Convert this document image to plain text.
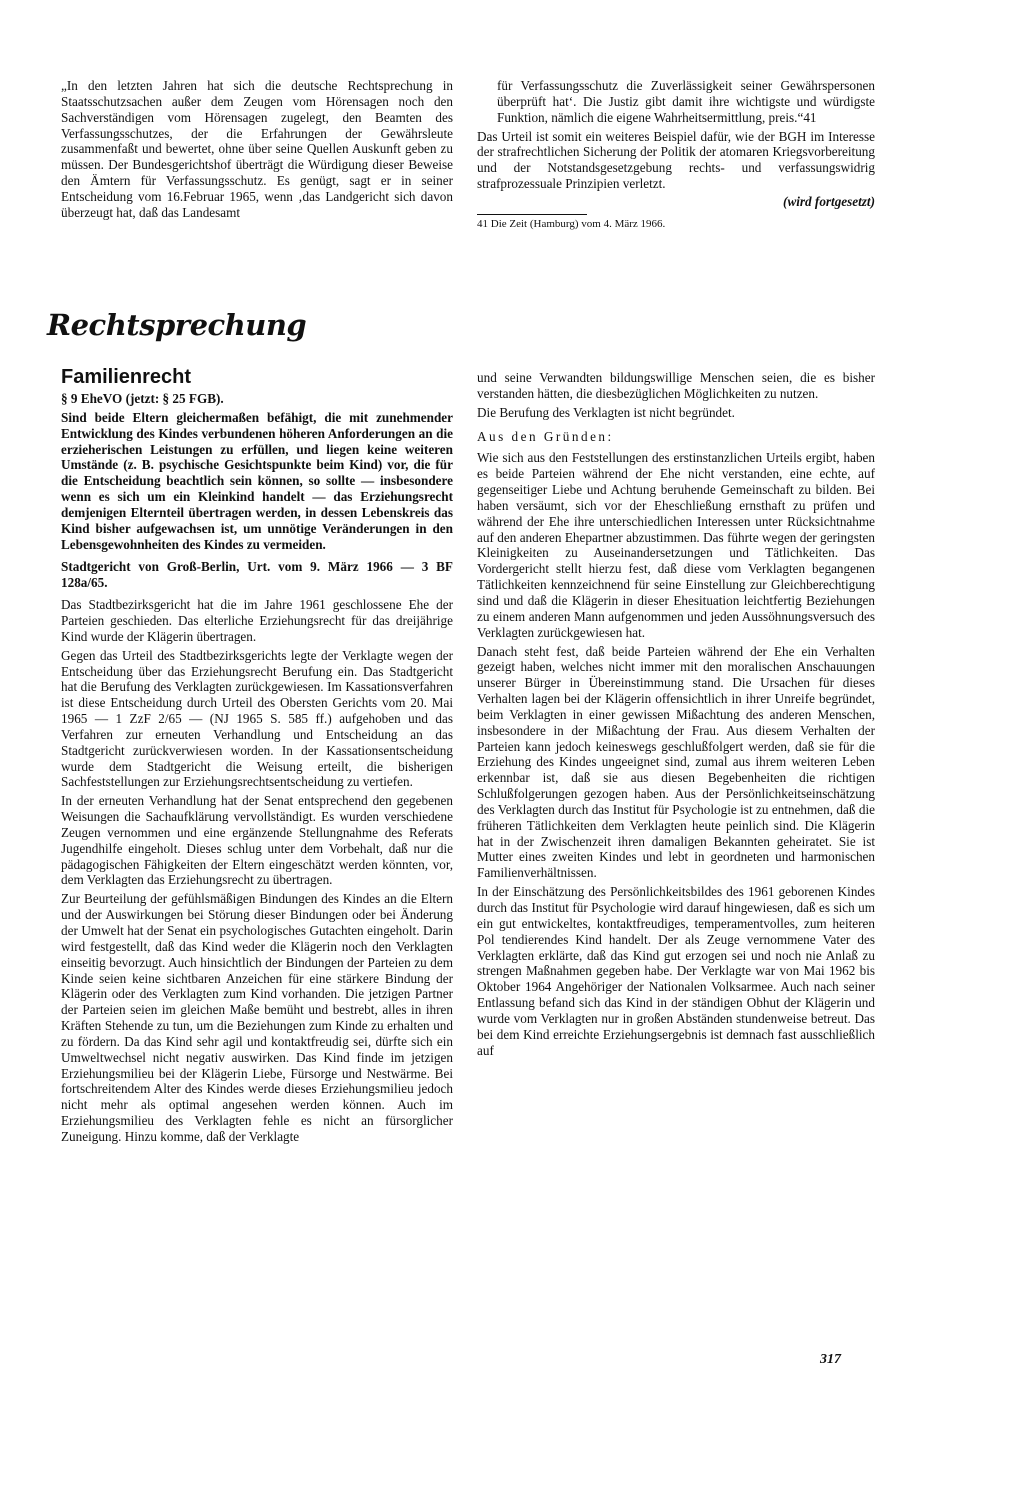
„In den letzten Jahren hat sich die deutsche Rechtsprechung in Staatsschutzsachen außer dem Zeugen vom Hörensagen noch den Sachverständigen vom Hörensagen zugelegt, den Beamten des Verfassungsschutzes, der die Erfahrungen der Gewährsleute zusammenfaßt und bewertet, ohne über seine Quellen Auskunft geben zu müssen. Der Bundesgerichtshof überträgt die Würdigung dieser Beweise den Ämtern für Verfassungsschutz. Es genügt, sagt er in seiner Entscheidung vom 16.Februar 1965, wenn ‚das Landgericht sich davon überzeugt hat, daß das Landesamt

für Verfassungsschutz die Zuverlässigkeit seiner Gewährspersonen überprüft hat‘. Die Justiz gibt damit ihre wichtigste und würdigste Funktion, nämlich die eigene Wahrheitsermittlung, preis.“41

Das Urteil ist somit ein weiteres Beispiel dafür, wie der BGH im Interesse der strafrechtlichen Sicherung der Politik der atomaren Kriegsvorbereitung und der Notstandsgesetzgebung rechts- und verfassungswidrig strafprozessuale Prinzipien verletzt.

(wird fortgesetzt)

41 Die Zeit (Hamburg) vom 4. März 1966.

Rechtsprechung

Familienrecht

§ 9 EheVO (jetzt: § 25 FGB).

Sind beide Eltern gleichermaßen befähigt, die mit zunehmender Entwicklung des Kindes verbundenen höheren Anforderungen an die erzieherischen Leistungen zu erfüllen, und liegen keine weiteren Umstände (z. B. psychische Gesichtspunkte beim Kind) vor, die für die Entscheidung beachtlich sein können, so sollte — insbesondere wenn es sich um ein Kleinkind handelt — das Erziehungsrecht demjenigen Elternteil übertragen werden, in dessen Lebenskreis das Kind bisher aufgewachsen ist, um unnötige Veränderungen in den Lebensgewohnheiten des Kindes zu vermeiden.

Stadtgericht von Groß-Berlin, Urt. vom 9. März 1966 — 3 BF 128a/65.

Das Stadtbezirksgericht hat die im Jahre 1961 geschlossene Ehe der Parteien geschieden. Das elterliche Erziehungsrecht für das dreijährige Kind wurde der Klägerin übertragen.

Gegen das Urteil des Stadtbezirksgerichts legte der Verklagte wegen der Entscheidung über das Erziehungsrecht Berufung ein. Das Stadtgericht hat die Berufung des Verklagten zurückgewiesen. Im Kassationsverfahren ist diese Entscheidung durch Urteil des Obersten Gerichts vom 20. Mai 1965 — 1 ZzF 2/65 — (NJ 1965 S. 585 ff.) aufgehoben und das Verfahren zur erneuten Verhandlung und Entscheidung an das Stadtgericht zurückverwiesen worden. In der Kassationsentscheidung wurde dem Stadtgericht die Weisung erteilt, die bisherigen Sachfeststellungen zur Erziehungsrechtsentscheidung zu vertiefen.

In der erneuten Verhandlung hat der Senat entsprechend den gegebenen Weisungen die Sachaufklärung vervollständigt. Es wurden verschiedene Zeugen vernommen und eine ergänzende Stellungnahme des Referats Jugendhilfe eingeholt. Dieses schlug unter dem Vorbehalt, daß nur die pädagogischen Fähigkeiten der Eltern eingeschätzt werden könnten, vor, dem Verklagten das Erziehungsrecht zu übertragen.

Zur Beurteilung der gefühlsmäßigen Bindungen des Kindes an die Eltern und der Auswirkungen bei Störung dieser Bindungen oder bei Änderung der Umwelt hat der Senat ein psychologisches Gutachten eingeholt. Darin wird festgestellt, daß das Kind weder die Klägerin noch den Verklagten einseitig bevorzugt. Auch hinsichtlich der Bindungen der Parteien zu dem Kinde seien keine sichtbaren Anzeichen für eine stärkere Bindung der Klägerin oder des Verklagten zum Kind vorhanden. Die jetzigen Partner der Parteien seien im gleichen Maße bemüht und bestrebt, alles in ihren Kräften Stehende zu tun, um die Beziehungen zum Kinde zu erhalten und zu fördern. Da das Kind sehr agil und kontaktfreudig sei, dürfte sich ein Umweltwechsel nicht negativ auswirken. Das Kind finde im jetzigen Erziehungsmilieu bei der Klägerin Liebe, Fürsorge und Nestwärme. Bei fortschreitendem Alter des Kindes werde dieses Erziehungsmilieu jedoch nicht mehr als optimal angesehen werden können. Auch im Erziehungsmilieu des Verklagten fehle es nicht an fürsorglicher Zuneigung. Hinzu komme, daß der Verklagte

und seine Verwandten bildungswillige Menschen seien, die es bisher verstanden hätten, die diesbezüglichen Möglichkeiten zu nutzen.

Die Berufung des Verklagten ist nicht begründet.

Aus den Gründen:

Wie sich aus den Feststellungen des erstinstanzlichen Urteils ergibt, haben es beide Parteien während der Ehe nicht verstanden, eine echte, auf gegenseitiger Liebe und Achtung beruhende Gemeinschaft zu bilden. Bei haben versäumt, sich vor der Eheschließung ernsthaft zu prüfen und während der Ehe ihre unterschiedlichen Interessen unter Rücksichtnahme auf den anderen Ehepartner abzustimmen. Das führte wegen der geringsten Kleinigkeiten zu Auseinandersetzungen und Tätlichkeiten. Das Vordergericht stellt hierzu fest, daß diese vom Verklagten begangenen Tätlichkeiten kennzeichnend für seine Einstellung zur Gleichberechtigung sind und daß die Klägerin in dieser Ehesituation leichtfertig Beziehungen zu einem anderen Mann aufgenommen und jeden Aussöhnungsversuch des Verklagten zurückgewiesen hat.

Danach steht fest, daß beide Parteien während der Ehe ein Verhalten gezeigt haben, welches nicht immer mit den moralischen Anschauungen unserer Bürger in Übereinstimmung stand. Die Ursachen für dieses Verhalten lagen bei der Klägerin offensichtlich in ihrer Unreife begründet, beim Verklagten in einer gewissen Mißachtung des anderen Menschen, insbesondere in der Mißachtung der Frau. Aus diesem Verhalten der Parteien kann jedoch keineswegs geschlußfolgert werden, daß sie für die Erziehung des Kindes ungeeignet sind, zumal aus ihrem weiteren Leben erkennbar ist, daß sie aus diesen Begebenheiten die richtigen Schlußfolgerungen gezogen haben. Aus der Persönlichkeitseinschätzung des Verklagten durch das Institut für Psychologie ist zu entnehmen, daß die früheren Tätlichkeiten dem Verklagten heute peinlich sind. Die Klägerin hat in der Zwischenzeit ihren damaligen Bekannten geheiratet. Sie ist Mutter eines zweiten Kindes und lebt in geordneten und harmonischen Familienverhältnissen.

In der Einschätzung des Persönlichkeitsbildes des 1961 geborenen Kindes durch das Institut für Psychologie wird darauf hingewiesen, daß es sich um ein gut entwickeltes, kontaktfreudiges, temperamentvolles, zum heiteren Pol tendierendes Kind handelt. Der als Zeuge vernommene Vater des Verklagten erklärte, daß das Kind gut erzogen sei und noch nie Anlaß zu strengen Maßnahmen gegeben habe. Der Verklagte war von Mai 1962 bis Oktober 1964 Angehöriger der Nationalen Volksarmee. Auch nach seiner Entlassung befand sich das Kind in der ständigen Obhut der Klägerin und wurde vom Verklagten nur in großen Abständen stundenweise betreut. Das bei dem Kind erreichte Erziehungsergebnis ist demnach fast ausschließlich auf

317
